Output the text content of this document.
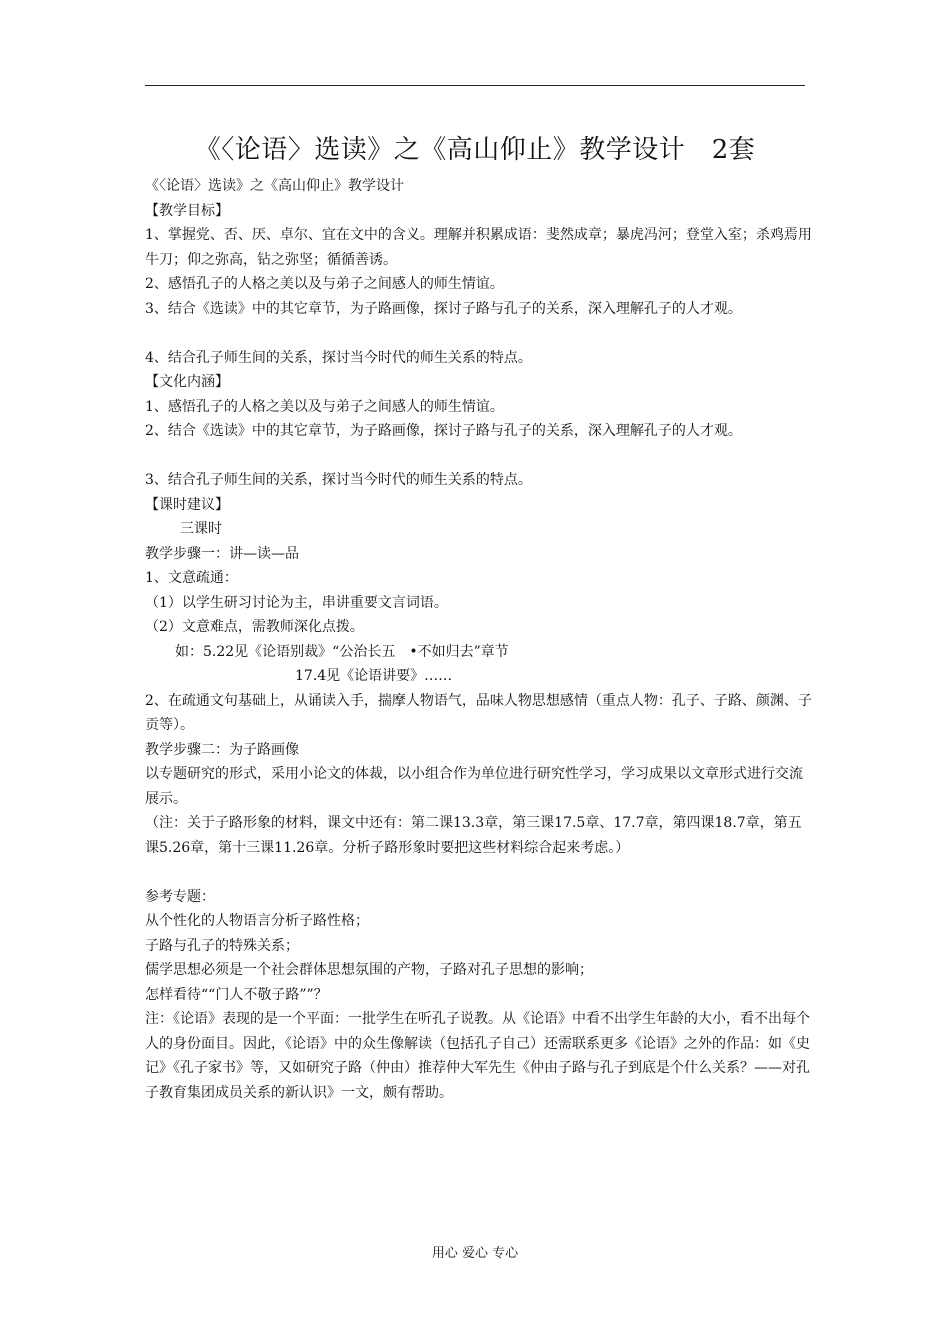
《〈论语〉选读》之《高山仰止》教学设计　2套

《〈论语〉选读》之《高山仰止》教学设计

【教学目标】

1、掌握党、否、厌、卓尔、宜在文中的含义。理解并积累成语：斐然成章；暴虎冯河；登堂入室；杀鸡焉用牛刀；仰之弥高，钻之弥坚；循循善诱。

2、感悟孔子的人格之美以及与弟子之间感人的师生情谊。

3、结合《选读》中的其它章节，为子路画像，探讨子路与孔子的关系，深入理解孔子的人才观。

4、结合孔子师生间的关系，探讨当今时代的师生关系的特点。

【文化内涵】

1、感悟孔子的人格之美以及与弟子之间感人的师生情谊。

2、结合《选读》中的其它章节，为子路画像，探讨子路与孔子的关系，深入理解孔子的人才观。

3、结合孔子师生间的关系，探讨当今时代的师生关系的特点。

【课时建议】

三课时

教学步骤一：讲—读—品

1、文意疏通：

（1）以学生研习讨论为主，串讲重要文言词语。

（2）文意难点，需教师深化点拨。

如：5.22见《论语别裁》“公治长五　•不如归去”章节

17.4见《论语讲要》……

2、在疏通文句基础上，从诵读入手，揣摩人物语气，品味人物思想感情（重点人物：孔子、子路、颜渊、子贡等）。

教学步骤二：为子路画像

以专题研究的形式，采用小论文的体裁，以小组合作为单位进行研究性学习，学习成果以文章形式进行交流展示。

（注：关于子路形象的材料，课文中还有：第二课13.3章，第三课17.5章、17.7章，第四课18.7章，第五课5.26章，第十三课11.26章。分析子路形象时要把这些材料综合起来考虑。）

参考专题：

从个性化的人物语言分析子路性格；

子路与孔子的特殊关系；

儒学思想必须是一个社会群体思想氛围的产物，子路对孔子思想的影响；

怎样看待““门人不敬子路””？

注：《论语》表现的是一个平面：一批学生在听孔子说教。从《论语》中看不出学生年龄的大小，看不出每个人的身份面目。因此，《论语》中的众生像解读（包括孔子自己）还需联系更多《论语》之外的作品：如《史记》《孔子家书》等，又如研究子路（仲由）推荐仲大军先生《仲由子路与孔子到底是个什么关系？——对孔子教育集团成员关系的新认识》一文，颇有帮助。

用心 爱心 专心
